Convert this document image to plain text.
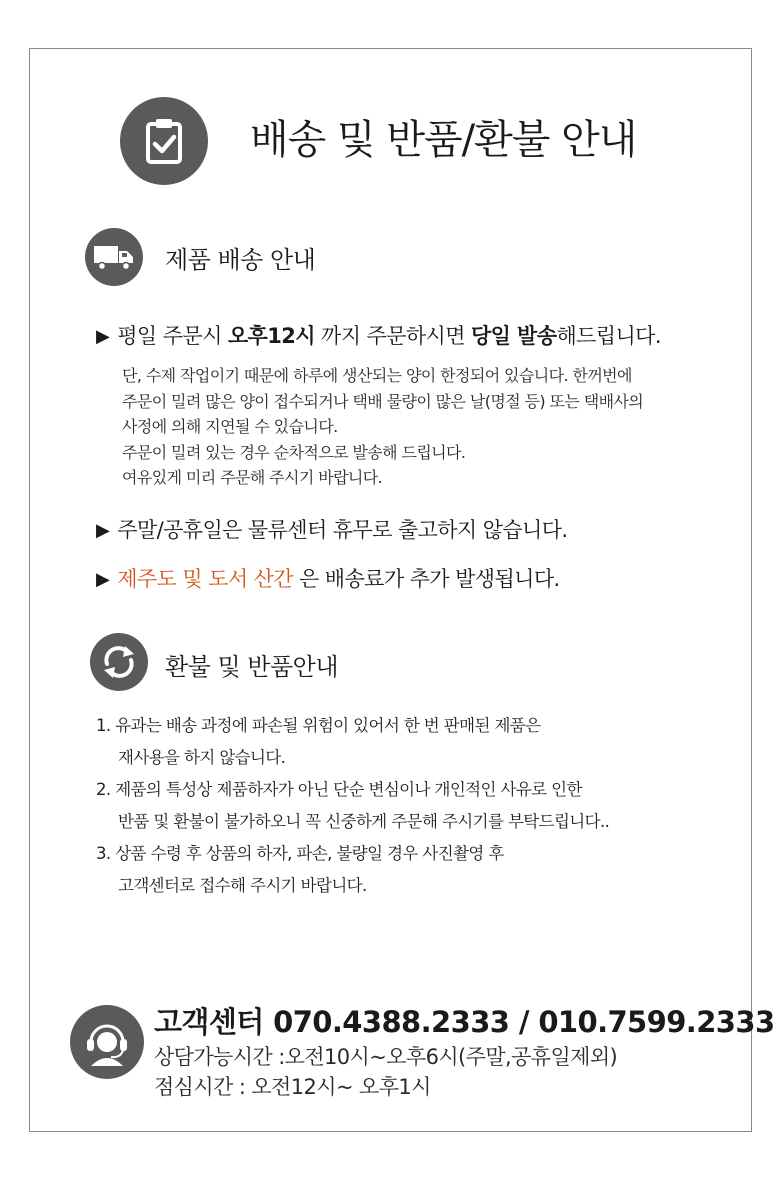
배송 및 반품/환불 안내
제품 배송 안내
▶ 평일 주문시 오후12시 까지 주문하시면 당일 발송해드립니다.
단, 수제 작업이기 때문에 하루에 생산되는 양이 한정되어 있습니다. 한꺼번에
주문이 밀려 많은 양이 접수되거나 택배 물량이 많은 날(명절 등) 또는 택배사의
사정에 의해 지연될 수 있습니다.
주문이 밀려 있는 경우 순차적으로 발송해 드립니다.
여유있게 미리 주문해 주시기 바랍니다.
▶ 주말/공휴일은 물류센터 휴무로 출고하지 않습니다.
▶ 제주도 및 도서 산간 은 배송료가 추가 발생됩니다.
환불 및 반품안내
1. 유과는 배송 과정에 파손될 위험이 있어서 한 번 판매된 제품은
재사용을 하지 않습니다.
2. 제품의 특성상 제품하자가 아닌 단순 변심이나 개인적인 사유로 인한
반품 및 환불이 불가하오니 꼭 신중하게 주문해 주시기를 부탁드립니다..
3. 상품 수령 후 상품의 하자, 파손, 불량일 경우 사진촬영 후
고객센터로 접수해 주시기 바랍니다.
고객센터 070.4388.2333 / 010.7599.2333
상담가능시간 :오전10시~오후6시(주말,공휴일제외)
점심시간 : 오전12시~ 오후1시
